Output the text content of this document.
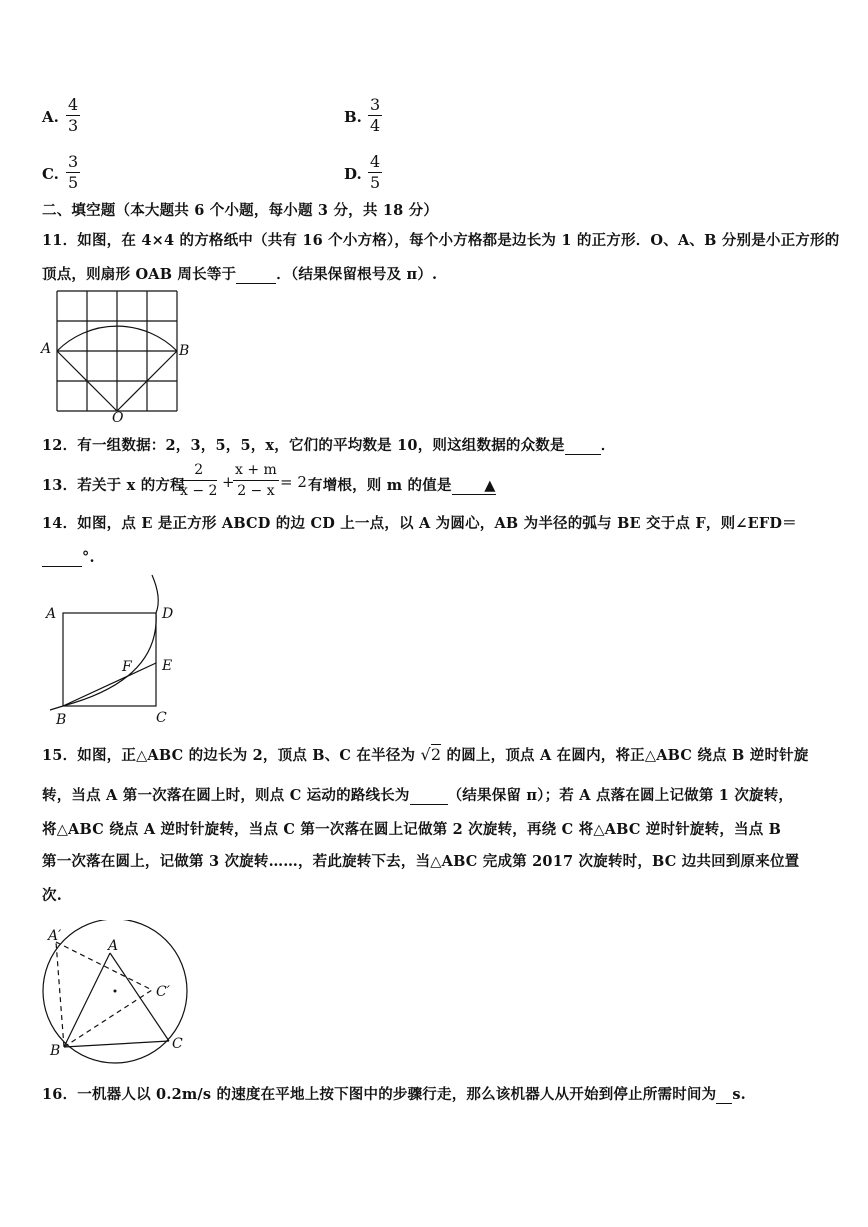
A. $\frac{4}{3}$	B. $\frac{3}{4}$
C. $\frac{3}{5}$	D. $\frac{4}{5}$
二、填空题（本大题共 6 个小题，每小题 3 分，共 18 分）
11．如图，在 4×4 的方格纸中（共有 16 个小方格），每个小方格都是边长为 1 的正方形．O、A、B 分别是小正方形的
顶点，则扇形 OAB 周长等于	．（结果保留根号及 π）.
A	B
O
12．有一组数据：2，3，5，5，x，它们的平均数是 10，则这组数据的众数是 ．
13．若关于 x 的方程
$\frac{2}{x - 2}$ +
$\frac{x + m}{2 - x} = 2$ 有增根，则 m 的值是 ▲
14．如图，点 E 是正方形 ABCD 的边 CD 上一点，以 A 为圆心，AB 为半径的弧与 BE 交于点 F，则∠EFD＝
°.
A	D
F E
B	C
15．如图，正△ABC 的边长为 2，顶点 B、C 在半径为 √2 的圆上，顶点 A 在圆内，将正△ABC 绕点 B 逆时针旋
转，当点 A 第一次落在圆上时，则点 C 运动的路线长为	（结果保留 π）；若 A 点落在圆上记做第 1 次旋转，
将△ABC 绕点 A 逆时针旋转，当点 C 第一次落在圆上记做第 2 次旋转，再绕 C 将△ABC 逆时针旋转，当点 B
第一次落在圆上，记做第 3 次旋转……，若此旋转下去，当△ABC 完成第 2017 次旋转时，BC 边共回到原来位置
次.
A′
A
C′
B	C
16．一机器人以 0.2m/s 的速度在平地上按下图中的步骤行走，那么该机器人从开始到停止所需时间为 s.
